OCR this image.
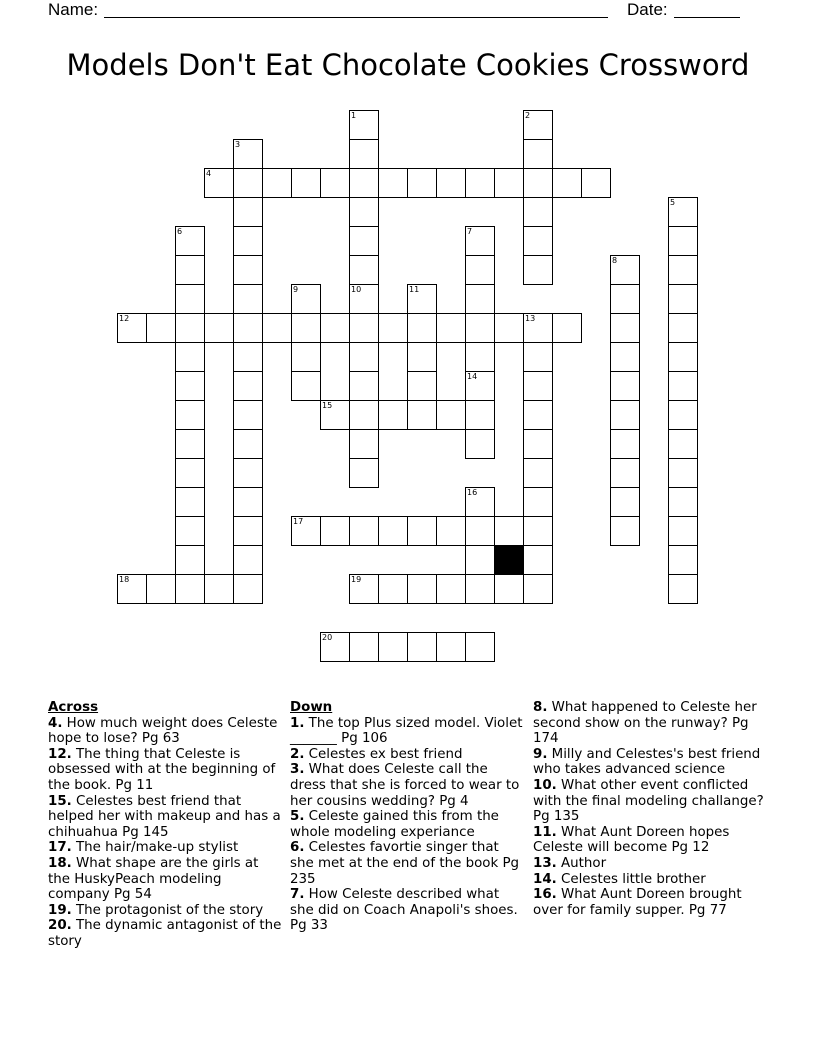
Name:	Date:
Models Don't Eat Chocolate Cookies Crossword
4
12	13
15
17
18	19
20
1	2
3
5
6	7
8
9	10	11
14
16
Across
4. How much weight does Celeste hope to lose? Pg 63
12. The thing that Celeste is obsessed with at the beginning of the book. Pg 11
15. Celestes best friend that helped her with makeup and has a chihuahua Pg 145
17. The hair/make-up stylist
18. What shape are the girls at the HuskyPeach modeling company Pg 54
19. The protagonist of the story
20. The dynamic antagonist of the story
Down
1. The top Plus sized model. Violet _______ Pg 106
2. Celestes ex best friend
3. What does Celeste call the dress that she is forced to wear to her cousins wedding? Pg 4
5. Celeste gained this from the whole modeling experiance
6. Celestes favortie singer that she met at the end of the book Pg 235
7. How Celeste described what she did on Coach Anapoli's shoes. Pg 33
8. What happened to Celeste her second show on the runway? Pg 174
9. Milly and Celestes's best friend who takes advanced science
10. What other event conflicted with the final modeling challange? Pg 135
11. What Aunt Doreen hopes Celeste will become Pg 12
13. Author
14. Celestes little brother
16. What Aunt Doreen brought over for family supper. Pg 77
